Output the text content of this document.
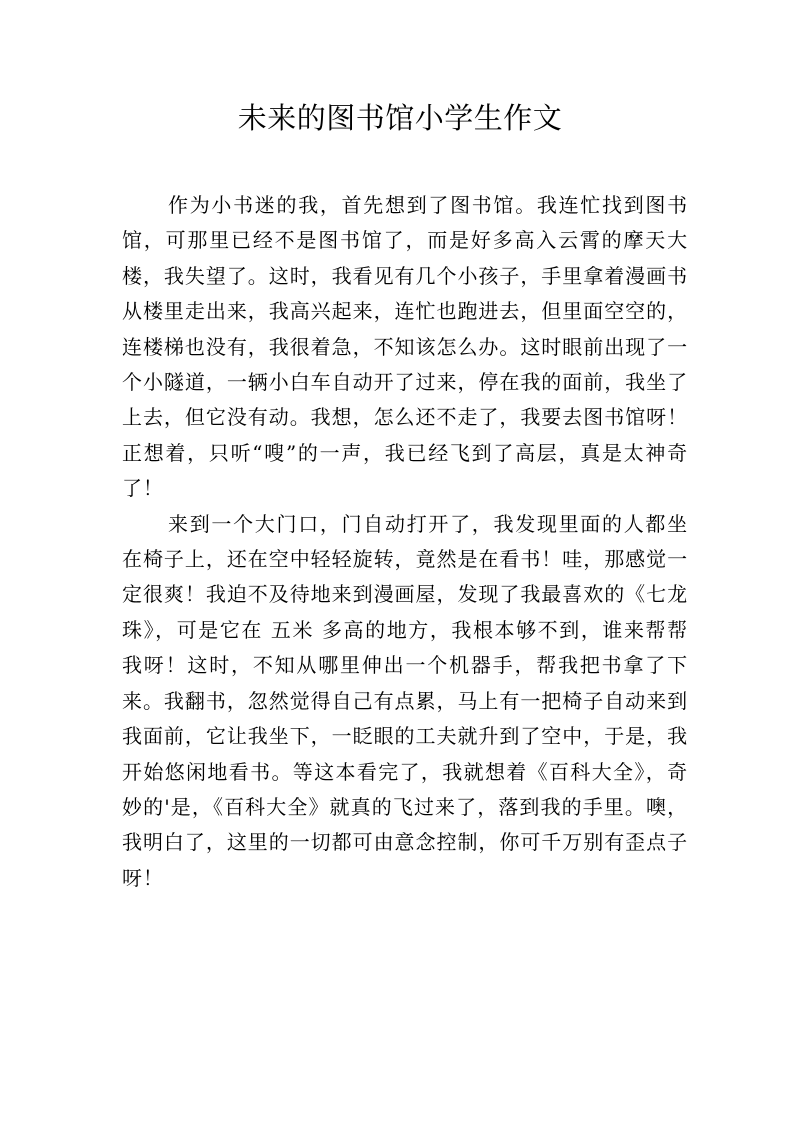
未来的图书馆小学生作文

作为小书迷的我，首先想到了图书馆。我连忙找到图书馆，可那里已经不是图书馆了，而是好多高入云霄的摩天大楼，我失望了。这时，我看见有几个小孩子，手里拿着漫画书从楼里走出来，我高兴起来，连忙也跑进去，但里面空空的，连楼梯也没有，我很着急，不知该怎么办。这时眼前出现了一个小隧道，一辆小白车自动开了过来，停在我的面前，我坐了上去，但它没有动。我想，怎么还不走了，我要去图书馆呀！正想着，只听“嗖”的一声，我已经飞到了高层，真是太神奇了！

来到一个大门口，门自动打开了，我发现里面的人都坐在椅子上，还在空中轻轻旋转，竟然是在看书！哇，那感觉一定很爽！我迫不及待地来到漫画屋，发现了我最喜欢的《七龙珠》，可是它在 五米 多高的地方，我根本够不到，谁来帮帮我呀！这时，不知从哪里伸出一个机器手，帮我把书拿了下来。我翻书，忽然觉得自己有点累，马上有一把椅子自动来到我面前，它让我坐下，一眨眼的工夫就升到了空中，于是，我开始悠闲地看书。等这本看完了，我就想着《百科大全》，奇妙的'是，《百科大全》就真的飞过来了，落到我的手里。噢，我明白了，这里的一切都可由意念控制，你可千万别有歪点子呀！
